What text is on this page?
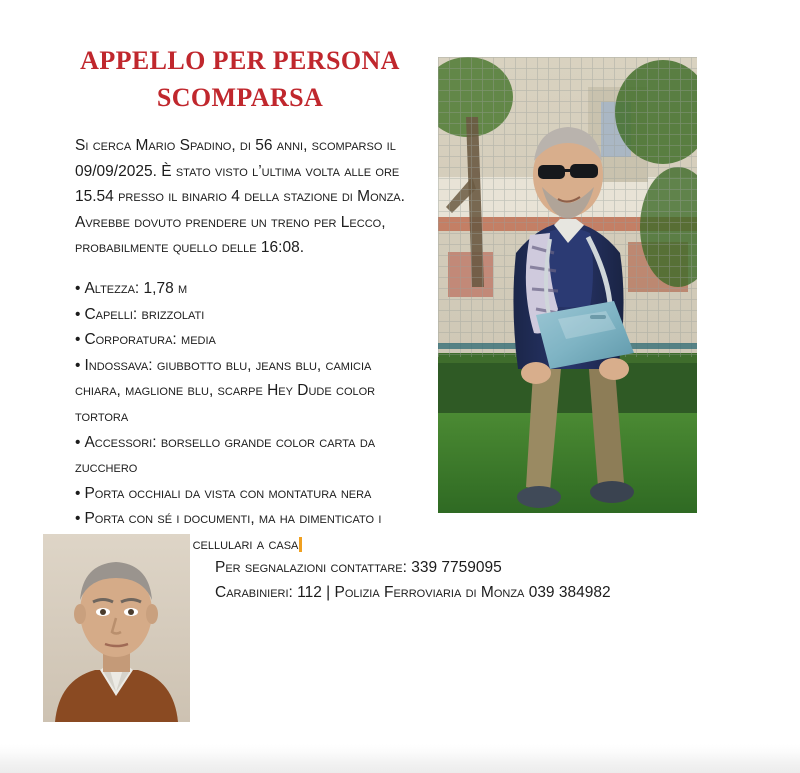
APPELLO PER PERSONA
SCOMPARSA
Si cerca Mario Spadino, di 56 anni, scomparso il 09/09/2025. È stato visto l’ultima volta alle ore 15.54 presso il binario 4 della stazione di Monza. Avrebbe dovuto prendere un treno per Lecco, probabilmente quello delle 16:08.
• Altezza: 1,78 m
• Capelli: brizzolati
• Corporatura: media
• Indossava: giubbotto blu, jeans blu, camicia chiara, maglione blu, scarpe Hey Dude color tortora
• Accessori: borsello grande color carta da zucchero
• Porta occhiali da vista con montatura nera
• Porta con sé i documenti, ma ha dimenticato i
cellulari a casa
Per segnalazioni contattare: 339 7759095
Carabinieri: 112 | Polizia Ferroviaria di Monza 039 384982
